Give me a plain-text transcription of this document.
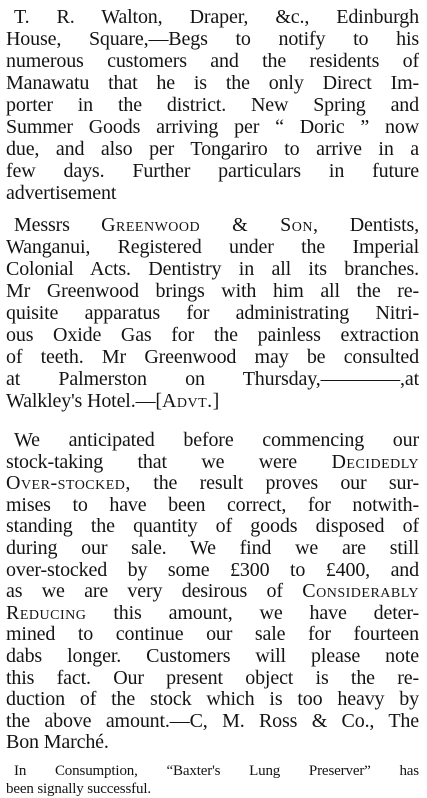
T. R. Walton, Draper, &c., Edinburgh
House, Square,—Begs to notify to his
numerous customers and the residents of
Manawatu that he is the only Direct Im-
porter in the district. New Spring and
Summer Goods arriving per “ Doric ” now
due, and also per Tongariro to arrive in a
few days. Further particulars in future
advertisement
Messrs Greenwood & Son, Dentists,
Wanganui, Registered under the Imperial
Colonial Acts. Dentistry in all its branches.
Mr Greenwood brings with him all the re-
quisite apparatus for administrating Nitri-
ous Oxide Gas for the painless extraction
of teeth. Mr Greenwood may be consulted
at Palmerston on Thursday,————,at
Walkley's Hotel.—[Advt.]
We anticipated before commencing our
stock-taking that we were Decidedly
Over-stocked, the result proves our sur-
mises to have been correct, for notwith-
standing the quantity of goods disposed of
during our sale. We find we are still
over-stocked by some £300 to £400, and
as we are very desirous of Considerably
Reducing this amount, we have deter-
mined to continue our sale for fourteen
dabs longer. Customers will please note
this fact. Our present object is the re-
duction of the stock which is too heavy by
the above amount.—C, M. Ross & Co., The
Bon Marché.
In Consumption, “Baxter's Lung Preserver” has
been signally successful.
